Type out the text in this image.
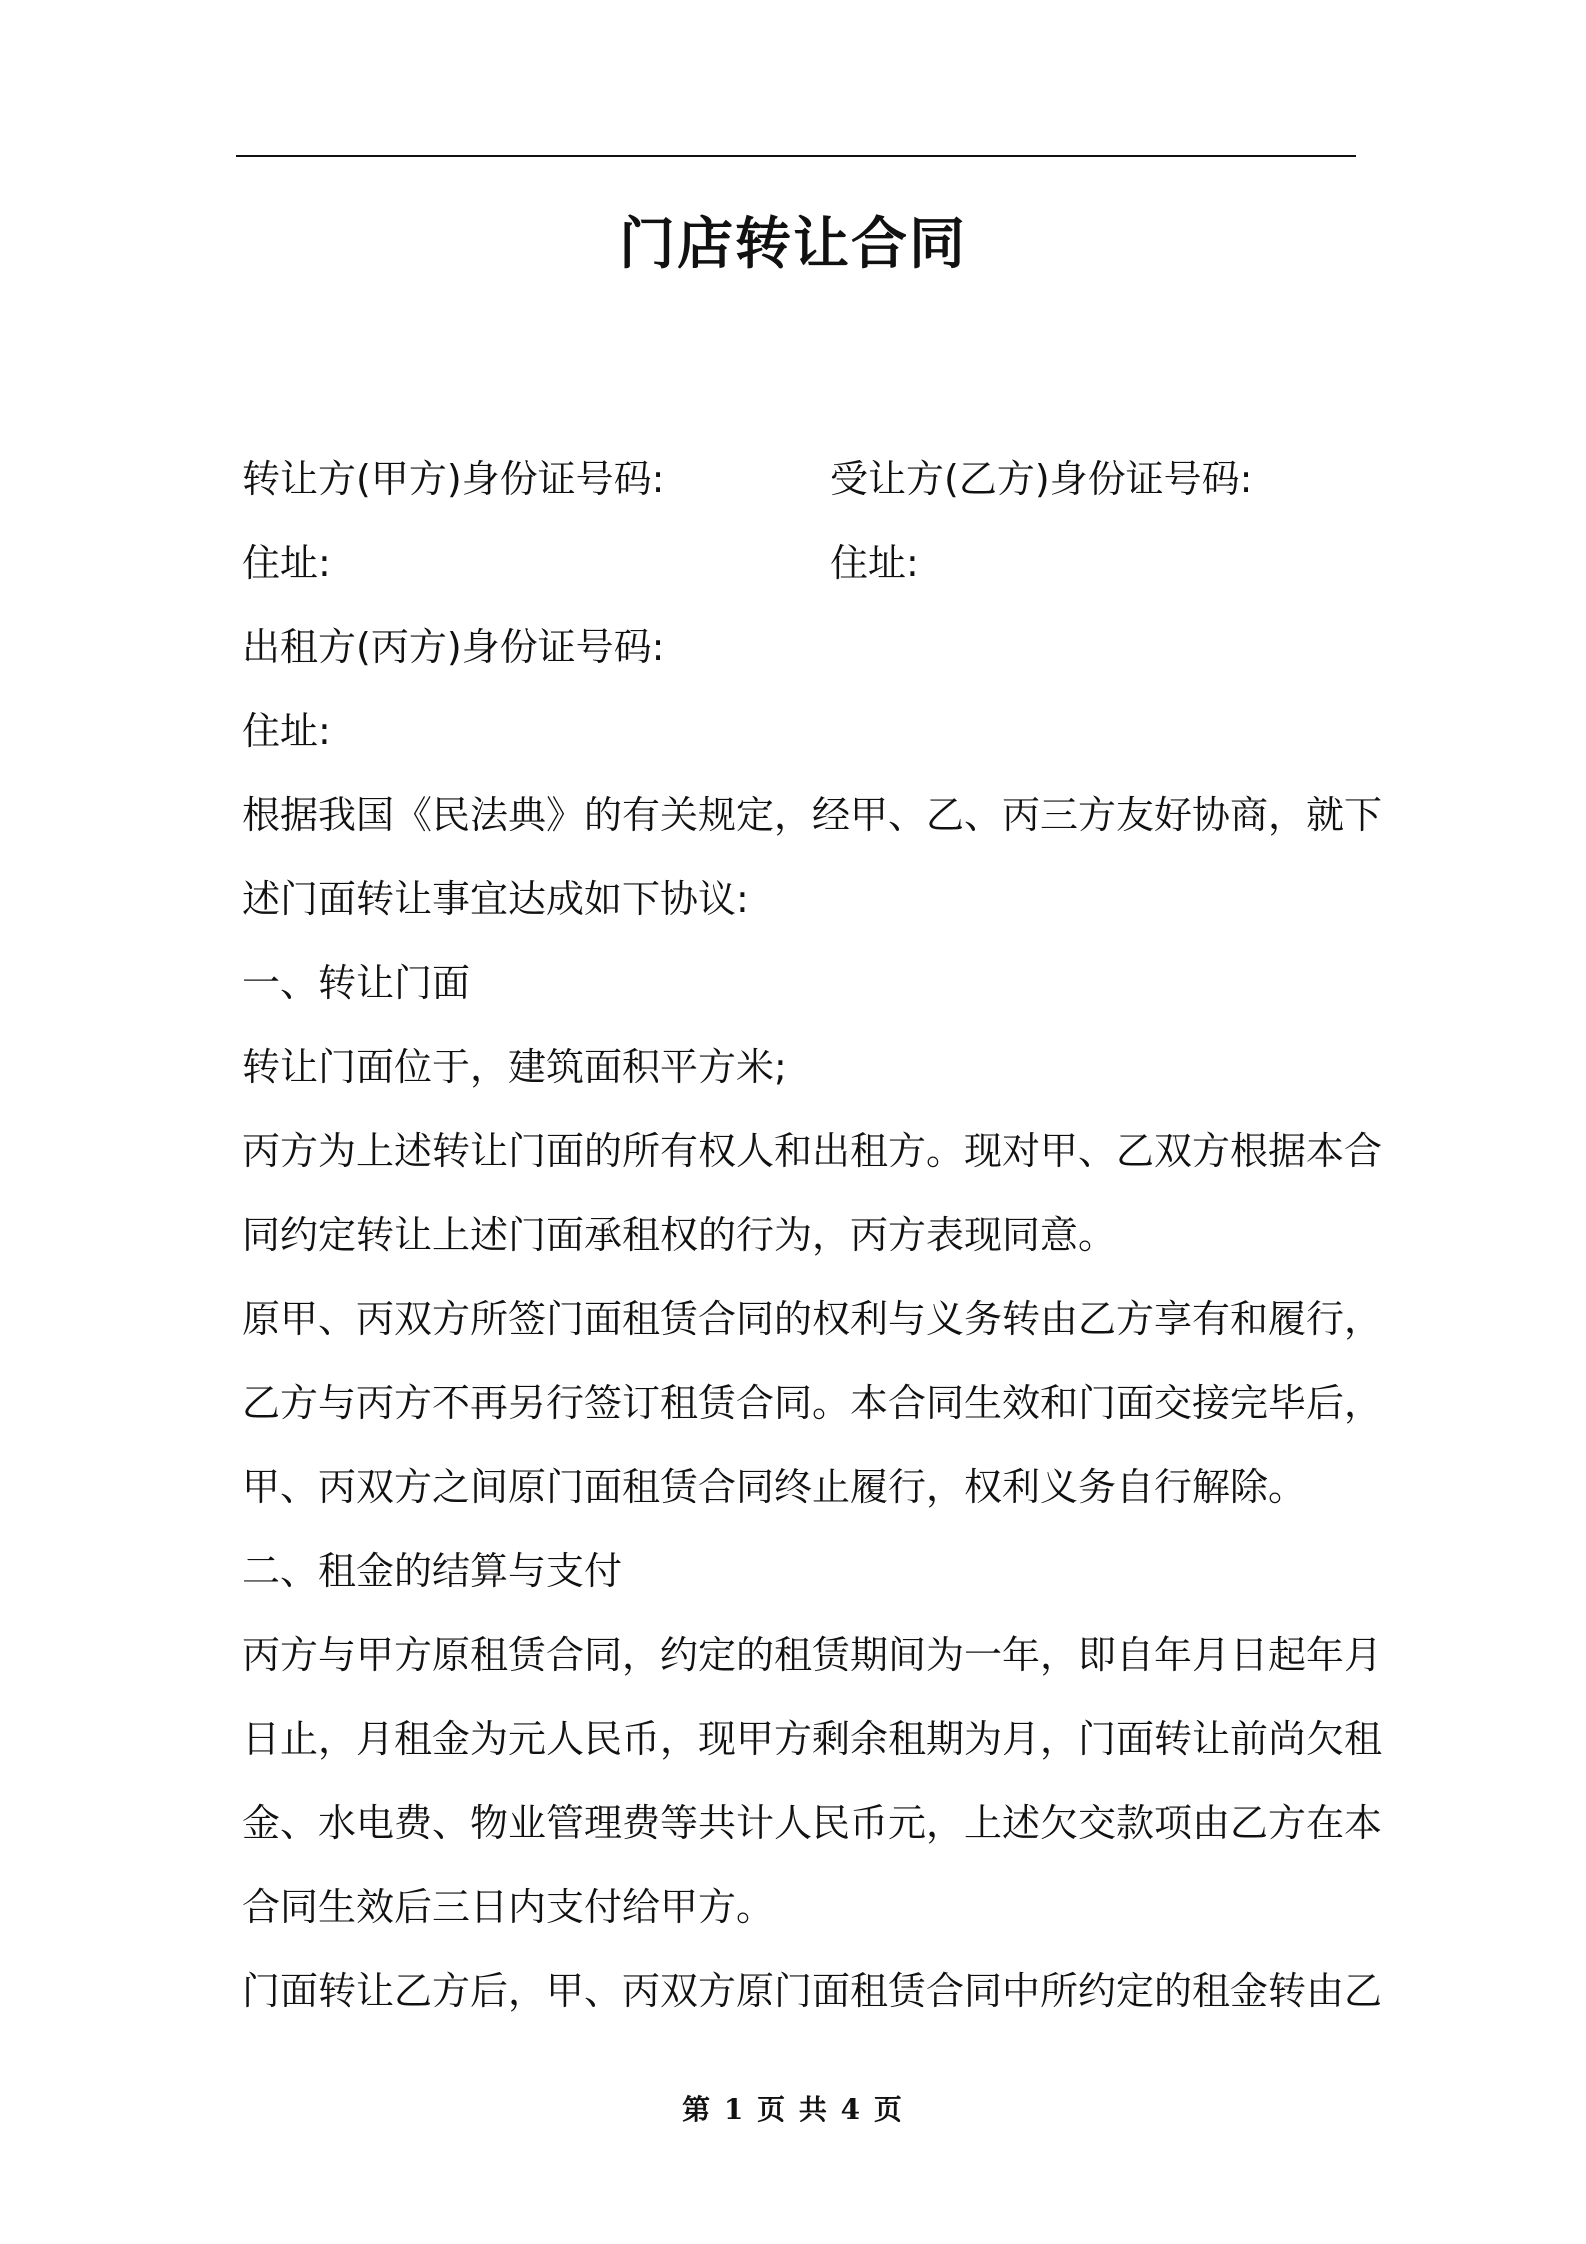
门店转让合同
转让方(甲方)身份证号码:	受让方(乙方)身份证号码:
住址:	住址:
出租方(丙方)身份证号码:
住址:
根据我国《民法典》的有关规定，经甲、乙、丙三方友好协商，就下
述门面转让事宜达成如下协议:
一、转让门面
转让门面位于，建筑面积平方米;
丙方为上述转让门面的所有权人和出租方。现对甲、乙双方根据本合
同约定转让上述门面承租权的行为，丙方表现同意。
原甲、丙双方所签门面租赁合同的权利与义务转由乙方享有和履行，
乙方与丙方不再另行签订租赁合同。本合同生效和门面交接完毕后，
甲、丙双方之间原门面租赁合同终止履行，权利义务自行解除。
二、租金的结算与支付
丙方与甲方原租赁合同，约定的租赁期间为一年，即自年月日起年月
日止，月租金为元人民币，现甲方剩余租期为月，门面转让前尚欠租
金、水电费、物业管理费等共计人民币元，上述欠交款项由乙方在本
合同生效后三日内支付给甲方。
门面转让乙方后，甲、丙双方原门面租赁合同中所约定的租金转由乙
第 1 页 共 4 页
